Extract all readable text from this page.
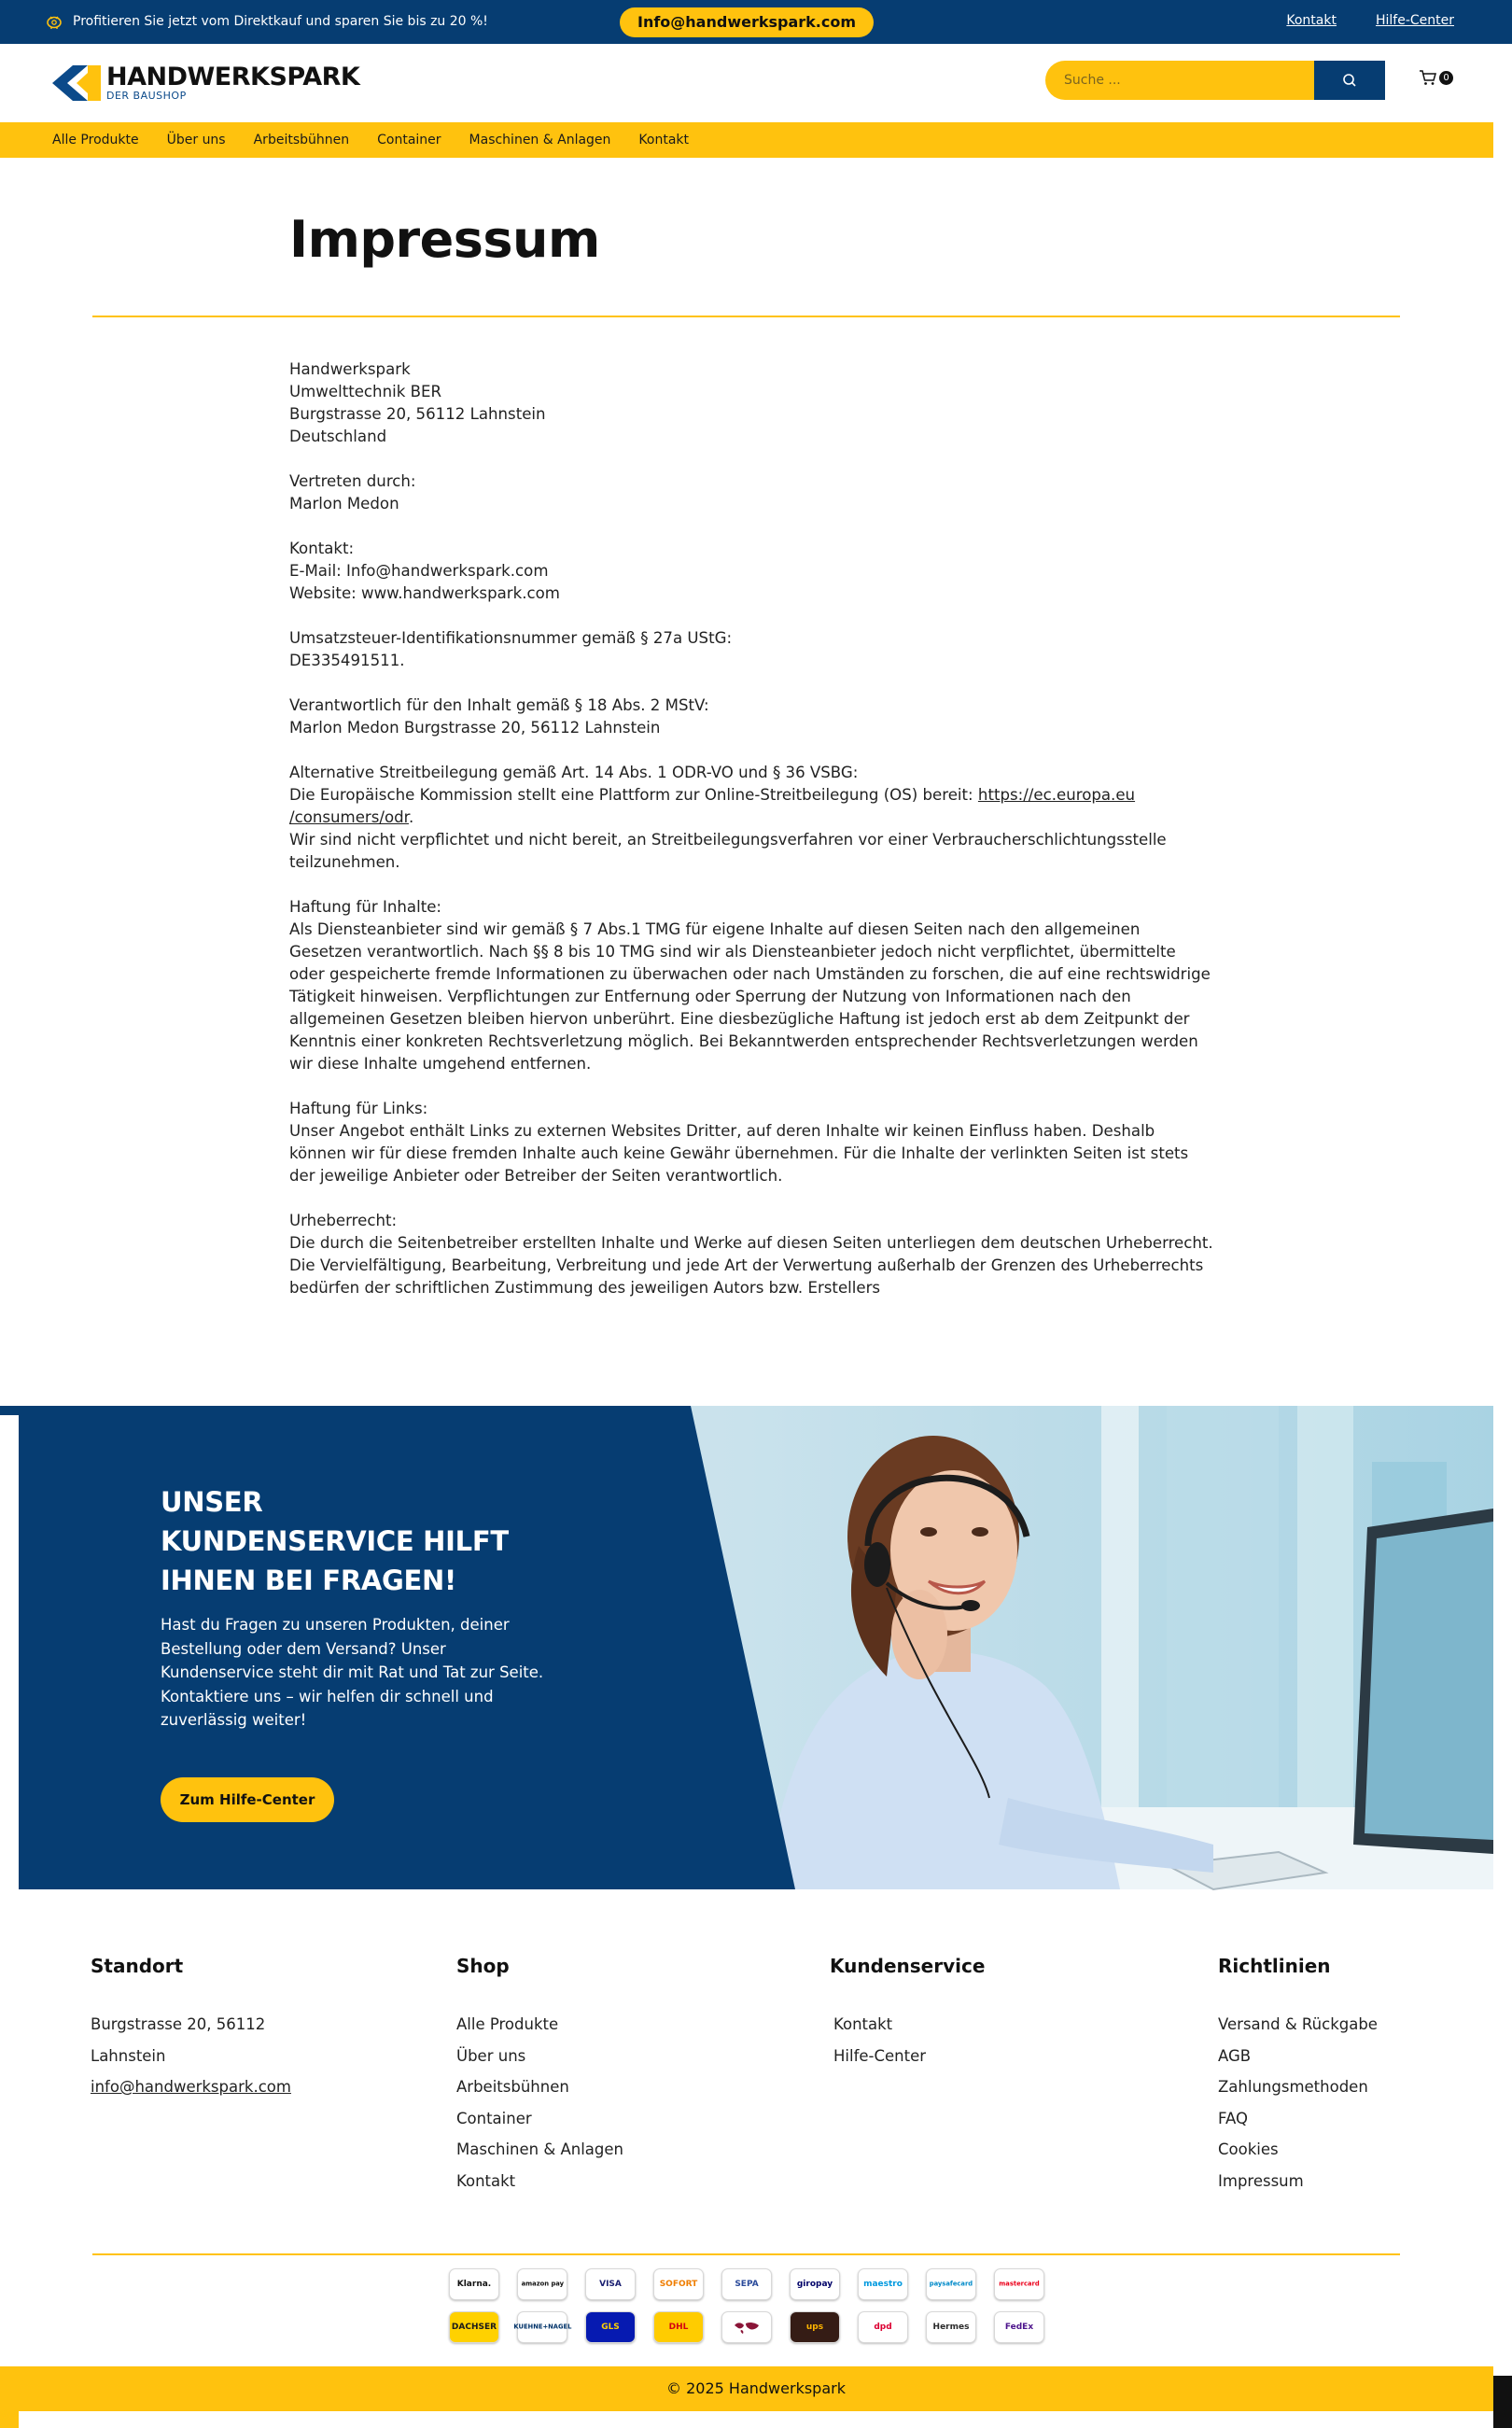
Profitieren Sie jetzt vom Direktkauf und sparen Sie bis zu 20 %!	Info@handwerkspark.com	Kontakt	Hilfe-Center
HANDWERKSPARK
DER BAUSHOP
Suche ...
0
Alle Produkte Über uns Arbeitsbühnen Container Maschinen & Anlagen Kontakt
Impressum
Handwerkspark
Umwelttechnik BER
Burgstrasse 20, 56112 Lahnstein
Deutschland
Vertreten durch:
Marlon Medon
Kontakt:
E-Mail: Info@handwerkspark.com
Website: www.handwerkspark.com
Umsatzsteuer-Identifikationsnummer gemäß § 27a UStG:
DE335491511.
Verantwortlich für den Inhalt gemäß § 18 Abs. 2 MStV:
Marlon Medon Burgstrasse 20, 56112 Lahnstein
Alternative Streitbeilegung gemäß Art. 14 Abs. 1 ODR-VO und § 36 VSBG:
Die Europäische Kommission stellt eine Plattform zur Online-Streitbeilegung (OS) bereit: https://ec.europa.eu
/consumers/odr.
Wir sind nicht verpflichtet und nicht bereit, an Streitbeilegungsverfahren vor einer Verbraucherschlichtungsstelle teilzunehmen.
Haftung für Inhalte:
Als Diensteanbieter sind wir gemäß § 7 Abs.1 TMG für eigene Inhalte auf diesen Seiten nach den allgemeinen Gesetzen verantwortlich. Nach §§ 8 bis 10 TMG sind wir als Diensteanbieter jedoch nicht verpflichtet, übermittelte oder gespeicherte fremde Informationen zu überwachen oder nach Umständen zu forschen, die auf eine rechtswidrige Tätigkeit hinweisen. Verpflichtungen zur Entfernung oder Sperrung der Nutzung von Informationen nach den allgemeinen Gesetzen bleiben hiervon unberührt. Eine diesbezügliche Haftung ist jedoch erst ab dem Zeitpunkt der Kenntnis einer konkreten Rechtsverletzung möglich. Bei Bekanntwerden entsprechender Rechtsverletzungen werden wir diese Inhalte umgehend entfernen.
Haftung für Links:
Unser Angebot enthält Links zu externen Websites Dritter, auf deren Inhalte wir keinen Einfluss haben. Deshalb können wir für diese fremden Inhalte auch keine Gewähr übernehmen. Für die Inhalte der verlinkten Seiten ist stets der jeweilige Anbieter oder Betreiber der Seiten verantwortlich.
Urheberrecht:
Die durch die Seitenbetreiber erstellten Inhalte und Werke auf diesen Seiten unterliegen dem deutschen Urheberrecht. Die Vervielfältigung, Bearbeitung, Verbreitung und jede Art der Verwertung außerhalb der Grenzen des Urheberrechts bedürfen der schriftlichen Zustimmung des jeweiligen Autors bzw. Erstellers
UNSER
KUNDENSERVICE HILFT
IHNEN BEI FRAGEN!

Hast du Fragen zu unseren Produkten, deiner Bestellung oder dem Versand? Unser Kundenservice steht dir mit Rat und Tat zur Seite. Kontaktiere uns – wir helfen dir schnell und zuverlässig weiter!

Zum Hilfe-Center
Standort
Burgstrasse 20, 56112
Lahnstein
info@handwerkspark.com
Shop
Alle Produkte
Über uns
Arbeitsbühnen
Container
Maschinen & Anlagen
Kontakt
Kundenservice
Kontakt
Hilfe-Center
Richtlinien
Versand & Rückgabe
AGB
Zahlungsmethoden
FAQ
Cookies
Impressum
Klarna.	amazon pay	VISA	SOFORT	SEPA	giropay	maestro	paysafecard	mastercard
DACHSER KUEHNE+NAGEL	GLS	DHL	ups	dpd	Hermes	FedEx
© 2025 Handwerkspark
